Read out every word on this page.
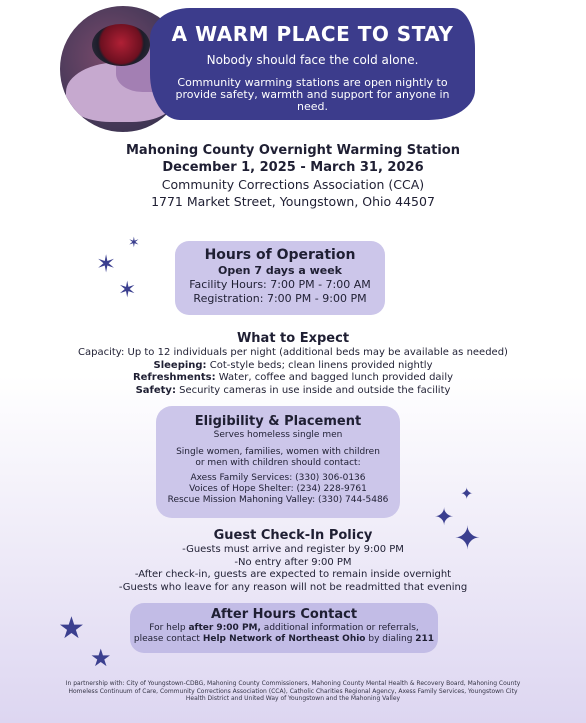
A WARM PLACE TO STAY
Nobody should face the cold alone.
Community warming stations are open nightly to provide safety, warmth and support for anyone in need.
Mahoning County Overnight Warming Station
December 1, 2025 - March 31, 2026
Community Corrections Association (CCA)
1771 Market Street, Youngstown, Ohio 44507
Hours of Operation
Open 7 days a week
Facility Hours: 7:00 PM - 7:00 AM
Registration: 7:00 PM - 9:00 PM
What to Expect
Capacity: Up to 12 individuals per night (additional beds may be available as needed)
Sleeping: Cot-style beds; clean linens provided nightly
Refreshments: Water, coffee and bagged lunch provided daily
Safety: Security cameras in use inside and outside the facility
Eligibility & Placement
Serves homeless single men
Single women, families, women with children or men with children should contact:
Axess Family Services: (330) 306-0136
Voices of Hope Shelter: (234) 228-9761
Rescue Mission Mahoning Valley: (330) 744-5486
Guest Check-In Policy
-Guests must arrive and register by 9:00 PM
-No entry after 9:00 PM
-After check-in, guests are expected to remain inside overnight
-Guests who leave for any reason will not be readmitted that evening
After Hours Contact
For help after 9:00 PM, additional information or referrals,
please contact Help Network of Northeast Ohio by dialing 211
In partnership with: City of Youngstown-CDBG, Mahoning County Commissioners, Mahoning County Mental Health & Recovery Board, Mahoning County Homeless Continuum of Care, Community Corrections Association (CCA), Catholic Charities Regional Agency, Axess Family Services, Youngstown City Health District and United Way of Youngstown and the Mahoning Valley
✶
✶
✶
✦
✦
✦
★
★
